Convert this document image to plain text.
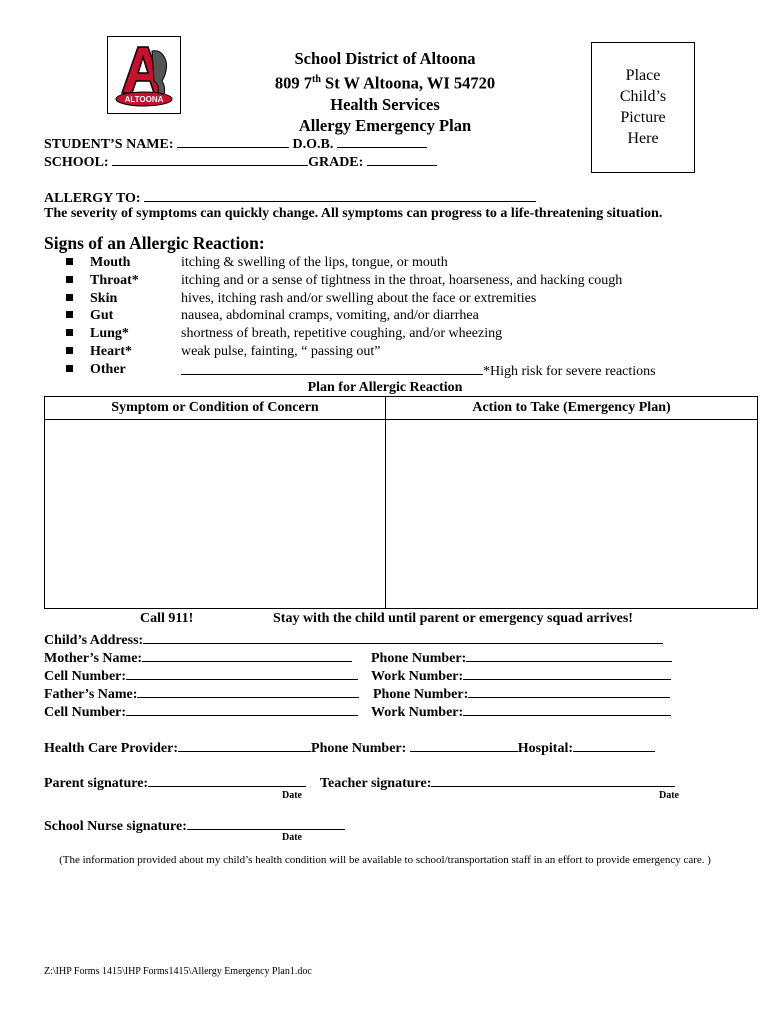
ALTOONA
School District of Altoona
809 7th St W Altoona, WI 54720
Health Services
Allergy Emergency Plan
Place
Child’s
Picture
Here
STUDENT’S NAME:	D.O.B.
SCHOOL:	GRADE:
ALLERGY TO:
The severity of symptoms can quickly change. All symptoms can progress to a life-threatening situation.
Signs of an Allergic Reaction:
Mouth	itching & swelling of the lips, tongue, or mouth
Throat*	itching and or a sense of tightness in the throat, hoarseness, and hacking cough
Skin	hives, itching rash and/or swelling about the face or extremities
Gut	nausea, abdominal cramps, vomiting, and/or diarrhea
Lung*	shortness of breath, repetitive coughing, and/or wheezing
Heart*	weak pulse, fainting, “ passing out”
Other	*High risk for severe reactions
Plan for Allergic Reaction
Symptom or Condition of Concern	Action to Take (Emergency Plan)
Call 911!	Stay with the child until parent or emergency squad arrives!
Child’s Address:
Mother’s Name:	Phone Number:
Cell Number:	Work Number:
Father’s Name:	Phone Number:
Cell Number:	Work Number:
Health Care Provider:	Phone Number:	Hospital:
Parent signature:	Teacher signature:
Date	Date
School Nurse signature:
Date
(The information provided about my child’s health condition will be available to school/transportation staff in an effort to provide emergency care. )
Z:\IHP Forms 1415\IHP Forms1415\Allergy Emergency Plan1.doc
